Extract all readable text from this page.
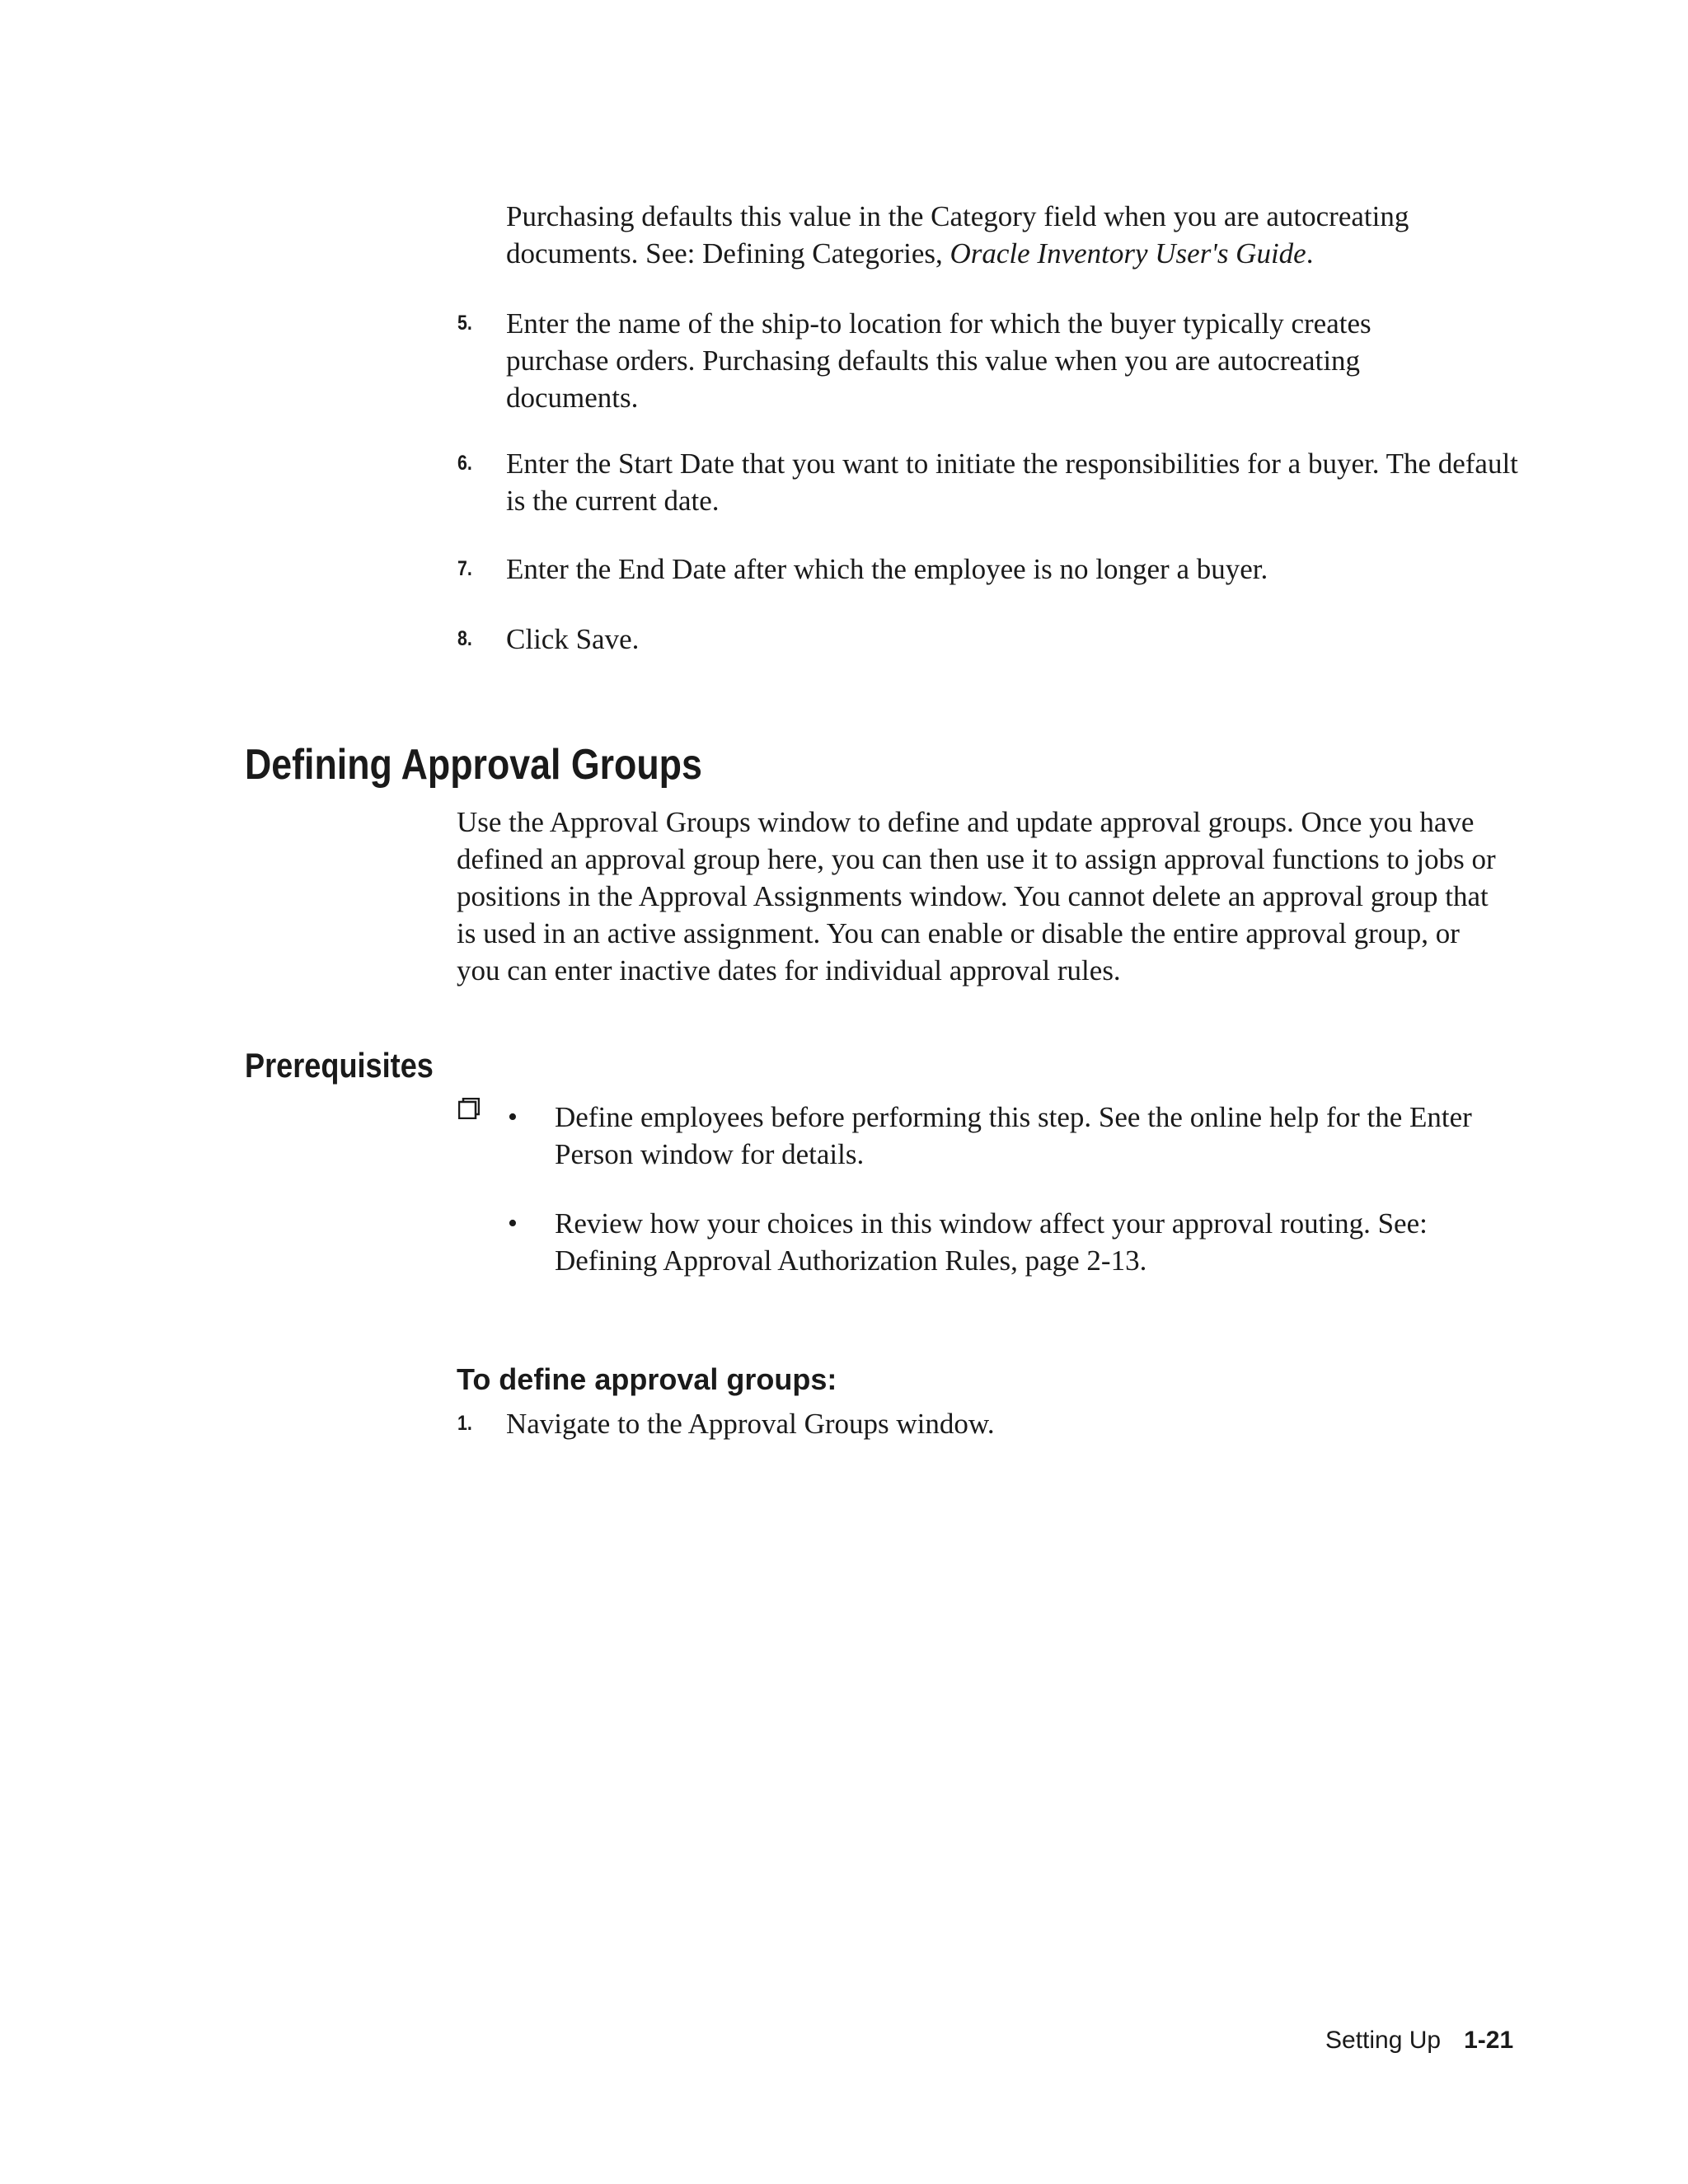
Purchasing defaults this value in the Category field when you are autocreating documents. See: Defining Categories, Oracle Inventory User's Guide.
5. Enter the name of the ship-to location for which the buyer typically creates purchase orders. Purchasing defaults this value when you are autocreating documents.
6. Enter the Start Date that you want to initiate the responsibilities for a buyer. The default is the current date.
7. Enter the End Date after which the employee is no longer a buyer.
8. Click Save.
Defining Approval Groups
Use the Approval Groups window to define and update approval groups. Once you have defined an approval group here, you can then use it to assign approval functions to jobs or positions in the Approval Assignments window. You cannot delete an approval group that is used in an active assignment. You can enable or disable the entire approval group, or you can enter inactive dates for individual approval rules.
Prerequisites
• Define employees before performing this step. See the online help for the Enter Person window for details.
• Review how your choices in this window affect your approval routing. See: Defining Approval Authorization Rules, page 2-13.
To define approval groups:
1. Navigate to the Approval Groups window.
Setting Up 1-21
